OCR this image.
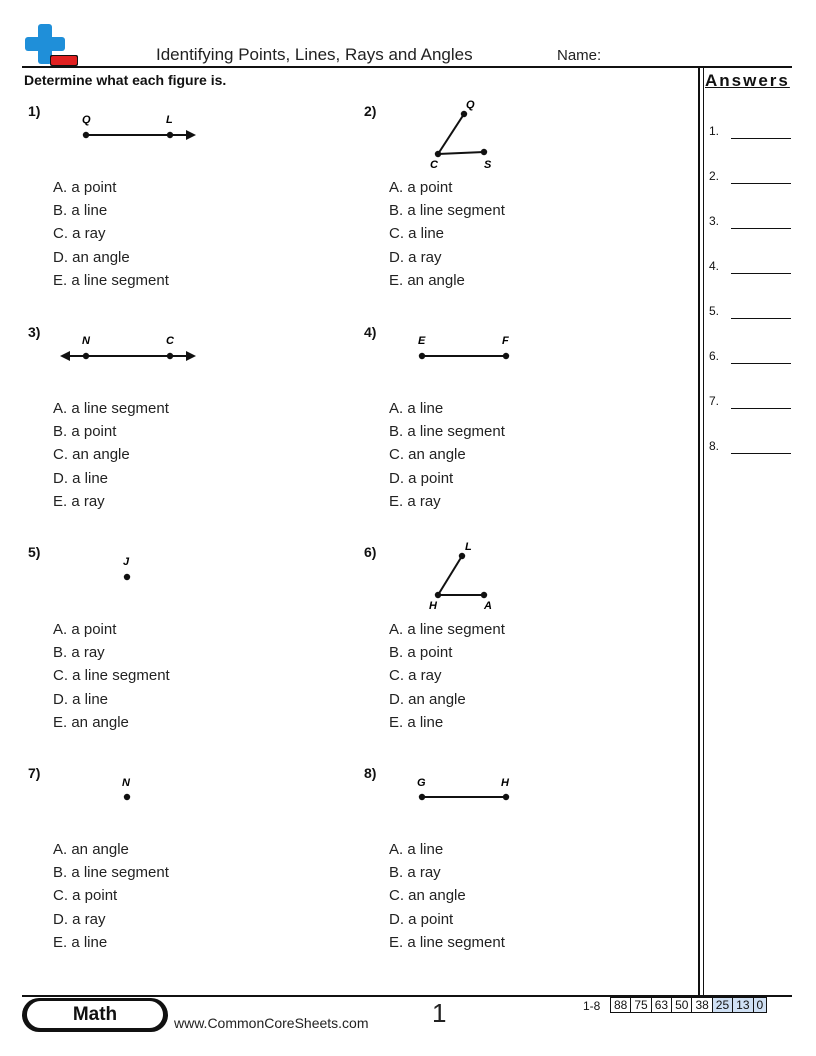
Identifying Points, Lines, Rays and Angles	Name:
Determine what each figure is.	Answers
1.
2.
3.
4.
5.
6.
7.
8.
1)
Q	L
A. a point
B. a line
C. a ray
D. an angle
E. a line segment
2)	Q
C	S
A. a point
B. a line segment
C. a line
D. a ray
E. an angle
3)
N	C
A. a line segment
B. a point
C. an angle
D. a line
E. a ray
4)
E	F
A. a line
B. a line segment
C. an angle
D. a point
E. a ray
5)
J
A. a point
B. a ray
C. a line segment
D. a line
E. an angle
6)	L
H	A
A. a line segment
B. a point
C. a ray
D. an angle
E. a line
7)
N
A. an angle
B. a line segment
C. a point
D. a ray
E. a line
8)
G	H
A. a line
B. a ray
C. an angle
D. a point
E. a line segment
Math	www.CommonCoreSheets.com 1	1-8 88	75	63	50	38	25	13	0
